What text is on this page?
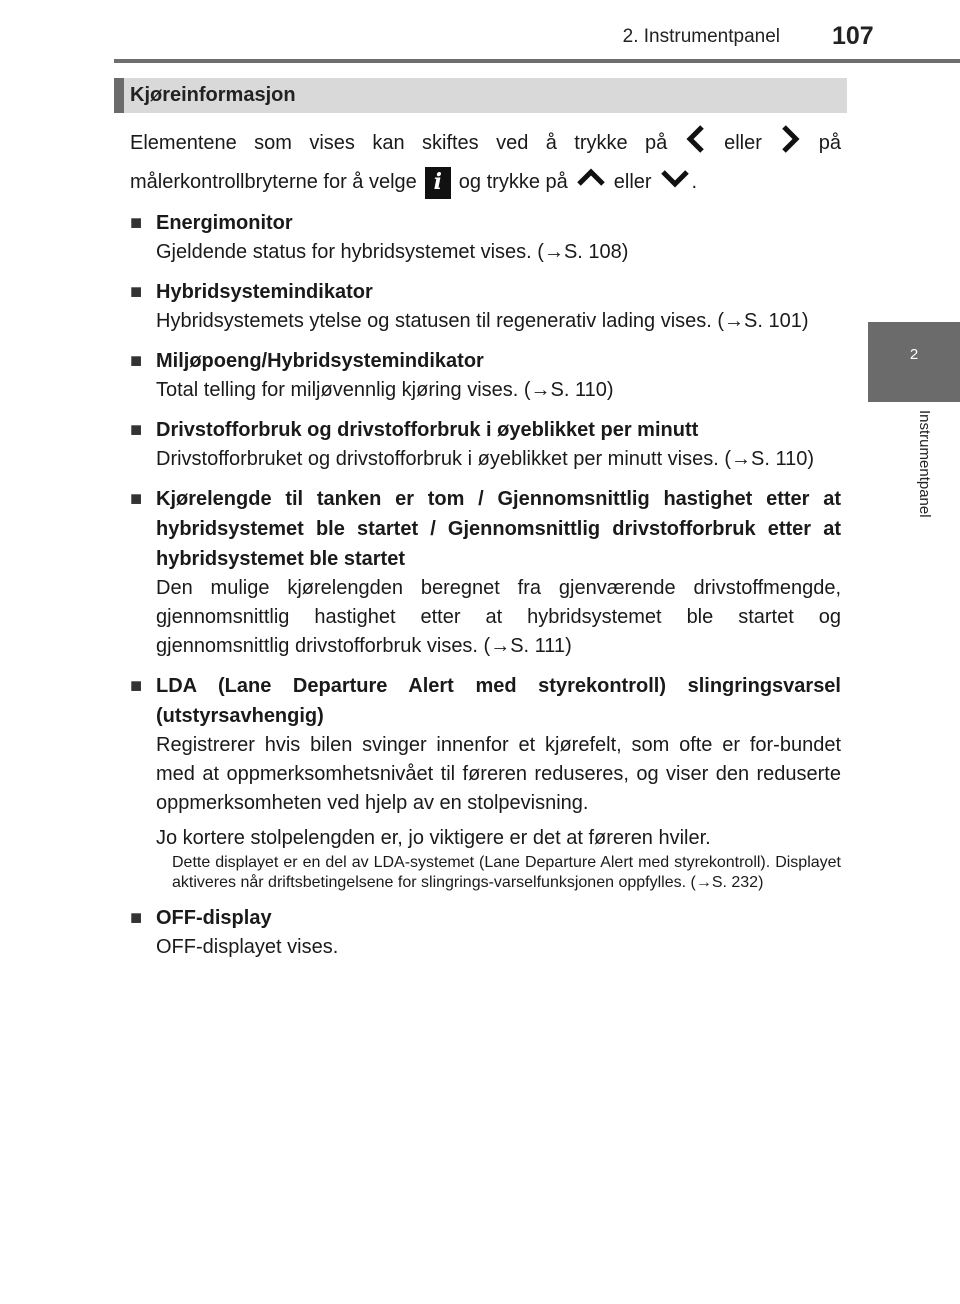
2. Instrumentpanel 107
2
Instrumentpanel
Kjøreinformasjon
Elementene som vises kan skiftes ved å trykke på	eller	på
målerkontrollbryterne for å velge i og trykke på eller .
■ Energimonitor

Gjeldende status for hybridsystemet vises. (→S. 108)

■ Hybridsystemindikator

Hybridsystemets ytelse og statusen til regenerativ lading vises. (→S. 101)

■ Miljøpoeng/Hybridsystemindikator

Total telling for miljøvennlig kjøring vises. (→S. 110)

■ Drivstofforbruk og drivstofforbruk i øyeblikket per minutt

Drivstofforbruket og drivstofforbruk i øyeblikket per minutt vises. (→S. 110)

■ Kjørelengde til tanken er tom / Gjennomsnittlig hastighet etter at hybridsystemet ble startet / Gjennomsnittlig drivstofforbruk etter at hybridsystemet ble startet

Den mulige kjørelengden beregnet fra gjenværende drivstoffmengde, gjennomsnittlig hastighet etter at hybridsystemet ble startet og gjennomsnittlig drivstofforbruk vises. (→S. 111)

■ LDA (Lane Departure Alert med styrekontroll) slingringsvarsel (utstyrsavhengig)

Registrerer hvis bilen svinger innenfor et kjørefelt, som ofte er for-bundet med at oppmerksomhetsnivået til føreren reduseres, og viser den reduserte oppmerksomheten ved hjelp av en stolpevisning.

Jo kortere stolpelengden er, jo viktigere er det at føreren hviler.

Dette displayet er en del av LDA-systemet (Lane Departure Alert med styrekontroll). Displayet aktiveres når driftsbetingelsene for slingrings-varselfunksjonen oppfylles. (→S. 232)

■ OFF-display

OFF-displayet vises.
